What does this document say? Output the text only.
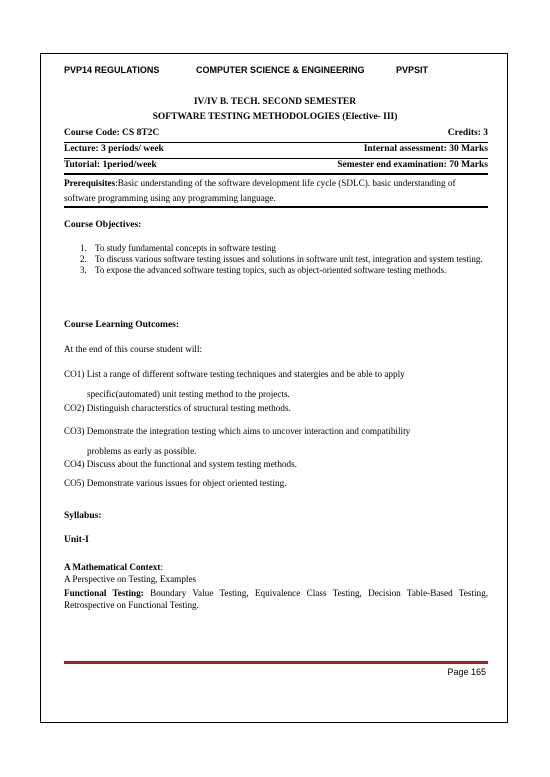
PVP14 REGULATIONS	COMPUTER SCIENCE & ENGINEERING	PVPSIT
IV/IV B. TECH. SECOND SEMESTER
SOFTWARE TESTING METHODOLOGIES (Elective- III)
Course Code: CS 8T2C	Credits: 3
Lecture: 3 periods/ week	Internal assessment: 30 Marks
Tutorial: 1period/week	Semester end examination: 70 Marks
Prerequisites:Basic understanding of the software development life cycle (SDLC). basic understanding of software programming using any programming language.
Course Objectives:
1. To study fundamental concepts in software testing
2. To discuss various software testing issues and solutions in software unit test, integration and system testing.
3. To expose the advanced software testing topics, such as object-oriented software testing methods.
Course Learning Outcomes:
At the end of this course student will:
CO1) List a range of different software testing techniques and statergies and be able to apply
specific(automated) unit testing method to the projects.
CO2) Distinguish characterstics of structural testing methods.
CO3) Demonstrate the integration testing which aims to uncover interaction and compatibility
problems as early as possible.
CO4) Discuss about the functional and system testing methods.
CO5) Demonstrate various issues for object oriented testing.
Syllabus:
Unit-I
A Mathematical Context:
A Perspective on Testing, Examples
Functional Testing: Boundary Value Testing, Equivalence Class Testing, Decision Table-Based Testing, Retrospective on Functional Testing.
Page 165
